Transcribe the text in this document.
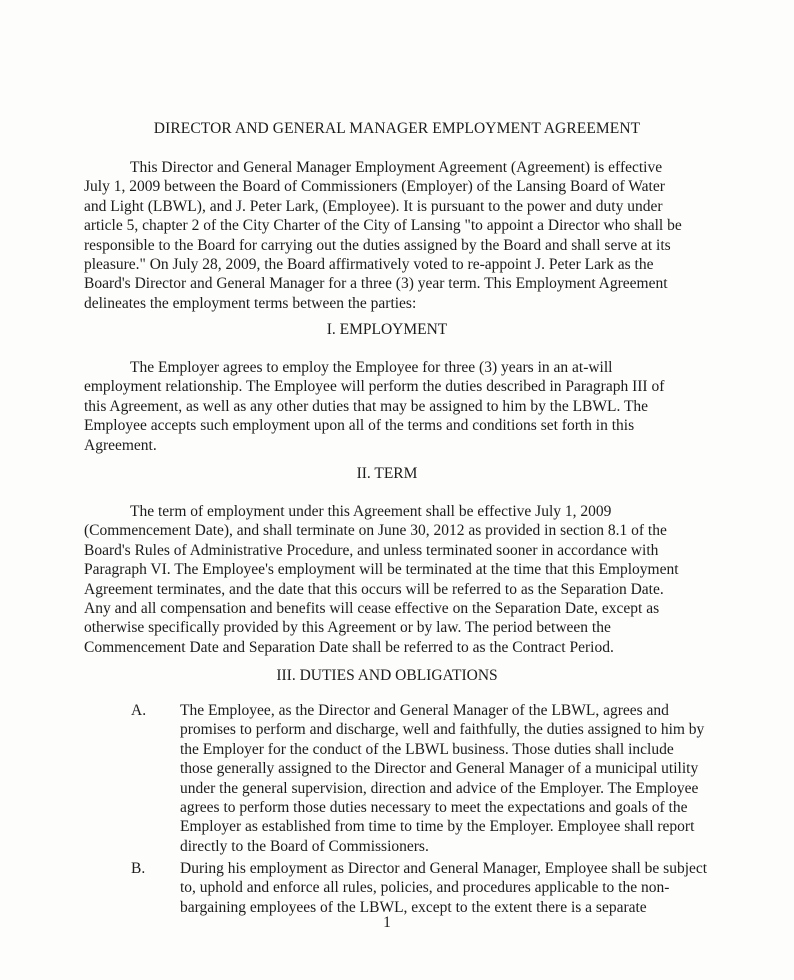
DIRECTOR AND GENERAL MANAGER EMPLOYMENT AGREEMENT

This Director and General Manager Employment Agreement (Agreement) is effective July 1, 2009 between the Board of Commissioners (Employer) of the Lansing Board of Water and Light (LBWL), and J. Peter Lark, (Employee). It is pursuant to the power and duty under article 5, chapter 2 of the City Charter of the City of Lansing "to appoint a Director who shall be responsible to the Board for carrying out the duties assigned by the Board and shall serve at its pleasure." On July 28, 2009, the Board affirmatively voted to re-appoint J. Peter Lark as the Board's Director and General Manager for a three (3) year term. This Employment Agreement delineates the employment terms between the parties:

I. EMPLOYMENT

The Employer agrees to employ the Employee for three (3) years in an at-will employment relationship. The Employee will perform the duties described in Paragraph III of this Agreement, as well as any other duties that may be assigned to him by the LBWL. The Employee accepts such employment upon all of the terms and conditions set forth in this Agreement.

II. TERM

The term of employment under this Agreement shall be effective July 1, 2009 (Commencement Date), and shall terminate on June 30, 2012 as provided in section 8.1 of the Board's Rules of Administrative Procedure, and unless terminated sooner in accordance with Paragraph VI. The Employee's employment will be terminated at the time that this Employment Agreement terminates, and the date that this occurs will be referred to as the Separation Date. Any and all compensation and benefits will cease effective on the Separation Date, except as otherwise specifically provided by this Agreement or by law. The period between the Commencement Date and Separation Date shall be referred to as the Contract Period.

III. DUTIES AND OBLIGATIONS
A. The Employee, as the Director and General Manager of the LBWL, agrees and promises to perform and discharge, well and faithfully, the duties assigned to him by the Employer for the conduct of the LBWL business. Those duties shall include those generally assigned to the Director and General Manager of a municipal utility under the general supervision, direction and advice of the Employer. The Employee agrees to perform those duties necessary to meet the expectations and goals of the Employer as established from time to time by the Employer. Employee shall report directly to the Board of Commissioners.
B. During his employment as Director and General Manager, Employee shall be subject to, uphold and enforce all rules, policies, and procedures applicable to the non-bargaining employees of the LBWL, except to the extent there is a separate
1
